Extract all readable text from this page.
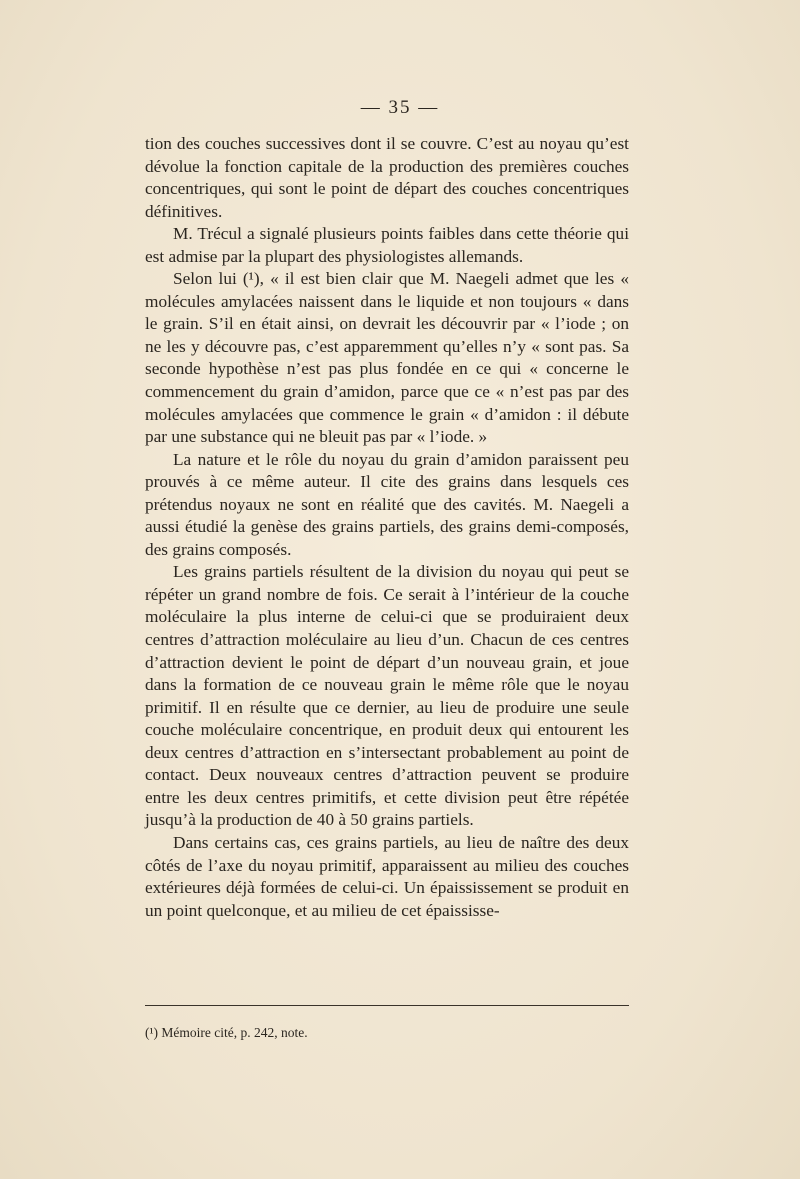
— 35 —

tion des couches successives dont il se couvre. C’est au noyau qu’est dévolue la fonction capitale de la production des premières couches concentriques, qui sont le point de départ des couches concentriques définitives.

M. Trécul a signalé plusieurs points faibles dans cette théorie qui est admise par la plupart des physiologistes allemands.

Selon lui (¹), « il est bien clair que M. Naegeli admet que les « molécules amylacées naissent dans le liquide et non toujours « dans le grain. S’il en était ainsi, on devrait les découvrir par « l’iode ; on ne les y découvre pas, c’est apparemment qu’elles n’y « sont pas. Sa seconde hypothèse n’est pas plus fondée en ce qui « concerne le commencement du grain d’amidon, parce que ce « n’est pas par des molécules amylacées que commence le grain « d’amidon : il débute par une substance qui ne bleuit pas par « l’iode. »

La nature et le rôle du noyau du grain d’amidon paraissent peu prouvés à ce même auteur. Il cite des grains dans lesquels ces prétendus noyaux ne sont en réalité que des cavités. M. Naegeli a aussi étudié la genèse des grains partiels, des grains demi-composés, des grains composés.

Les grains partiels résultent de la division du noyau qui peut se répéter un grand nombre de fois. Ce serait à l’intérieur de la couche moléculaire la plus interne de celui-ci que se produiraient deux centres d’attraction moléculaire au lieu d’un. Chacun de ces centres d’attraction devient le point de départ d’un nouveau grain, et joue dans la formation de ce nouveau grain le même rôle que le noyau primitif. Il en résulte que ce dernier, au lieu de produire une seule couche moléculaire concentrique, en produit deux qui entourent les deux centres d’attraction en s’intersectant probablement au point de contact. Deux nouveaux centres d’attraction peuvent se produire entre les deux centres primitifs, et cette division peut être répétée jusqu’à la production de 40 à 50 grains partiels.

Dans certains cas, ces grains partiels, au lieu de naître des deux côtés de l’axe du noyau primitif, apparaissent au milieu des couches extérieures déjà formées de celui-ci. Un épaississement se produit en un point quelconque, et au milieu de cet épaississe-

(¹) Mémoire cité, p. 242, note.
